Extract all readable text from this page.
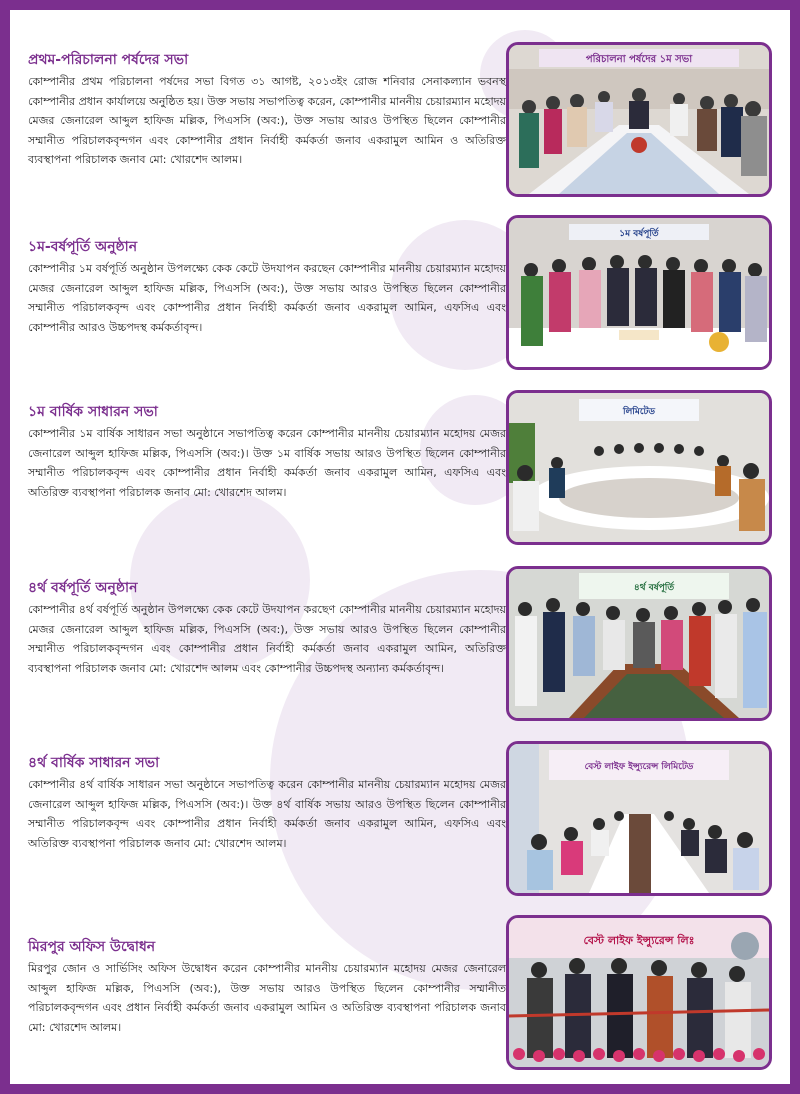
প্রথম-পরিচালনা পর্ষদের সভা

কোম্পানীর প্রথম পরিচালনা পর্ষদের সভা বিগত ৩১ আগষ্ট, ২০১৩ইং রোজ শনিবার সেনাকল্যান ভবনস্থ কোম্পানীর প্রধান কার্যালয়ে অনুষ্ঠিত হয়। উক্ত সভায় সভাপতিত্ব করেন, কোম্পানীর মাননীয় চেয়ারম্যান মহোদয় মেজর জেনারেল আব্দুল হাফিজ মল্লিক, পিএসসি (অব:), উক্ত সভায় আরও উপস্থিত ছিলেন কোম্পানীর সম্মানীত পরিচালকবৃন্দগন এবং কোম্পানীর প্রধান নির্বাহী কর্মকর্তা জনাব একরামুল আমিন ও অতিরিক্ত ব্যবস্থাপনা পরিচালক জনাব মো: খোরশেদ আলম।

পরিচালনা পর্ষদের ১ম সভা
১ম-বর্ষপূর্তি অনুষ্ঠান

কোম্পানীর ১ম বর্ষপূর্তি অনুষ্ঠান উপলক্ষ্যে কেক কেটে উদযাপন করছেন কোম্পানীর মাননীয় চেয়ারম্যান মহোদয় মেজর জেনারেল আব্দুল হাফিজ মল্লিক, পিএসসি (অব:), উক্ত সভায় আরও উপস্থিত ছিলেন কোম্পানীর সম্মানীত পরিচালকবৃন্দ এবং কোম্পানীর প্রধান নির্বাহী কর্মকর্তা জনাব একরামুল আমিন, এফসিএ এবং কোম্পানীর আরও উচ্চপদস্থ কর্মকর্তাবৃন্দ।

১ম বর্ষপূর্তি
১ম বার্ষিক সাধারন সভা

কোম্পানীর ১ম বার্ষিক সাধারন সভা অনুষ্ঠানে সভাপতিত্ব করেন কোম্পানীর মাননীয় চেয়ারম্যান মহোদয় মেজর জেনারেল আব্দুল হাফিজ মল্লিক, পিএসসি (অব:)। উক্ত ১ম বার্ষিক সভায় আরও উপস্থিত ছিলেন কোম্পানীর সম্মানীত পরিচালকবৃন্দ এবং কোম্পানীর প্রধান নির্বাহী কর্মকর্তা জনাব একরামুল আমিন, এফসিএ এবং অতিরিক্ত ব্যবস্থাপনা পরিচালক জনাব মো: খোরশেদ আলম।

লিমিটেড
৪র্থ বর্ষপূর্তি অনুষ্ঠান

কোম্পানীর ৪র্থ বর্ষপূর্তি অনুষ্ঠান উপলক্ষ্যে কেক কেটে উদযাপন করছেণ কোম্পানীর মাননীয় চেয়ারম্যান মহোদয় মেজর জেনারেল আব্দুল হাফিজ মল্লিক, পিএসসি (অব:), উক্ত সভায় আরও উপস্থিত ছিলেন কোম্পানীর সম্মানীত পরিচালকবৃন্দগন এবং কোম্পানীর প্রধান নির্বাহী কর্মকর্তা জনাব একরামুল আমিন, অতিরিক্ত ব্যবস্থাপনা পরিচালক জনাব মো: খোরশেদ আলম এবং কোম্পানীর উচ্চপদস্থ অন্যান্য কর্মকর্তাবৃন্দ।

৪র্থ বর্ষপূর্তি
৪র্থ বার্ষিক সাধারন সভা

কোম্পানীর ৪র্থ বার্ষিক সাধারন সভা অনুষ্ঠানে সভাপতিত্ব করেন কোম্পানীর মাননীয় চেয়ারম্যান মহোদয় মেজর জেনারেল আব্দুল হাফিজ মল্লিক, পিএসসি (অব:)। উক্ত ৪র্থ বার্ষিক সভায় আরও উপস্থিত ছিলেন কোম্পানীর সম্মানীত পরিচালকবৃন্দ এবং কোম্পানীর প্রধান নির্বাহী কর্মকর্তা জনাব একরামুল আমিন, এফসিএ এবং অতিরিক্ত ব্যবস্থাপনা পরিচালক জনাব মো: খোরশেদ আলম।

বেস্ট লাইফ ইন্স্যুরেন্স লিমিটেড
মিরপুর অফিস উদ্বোধন

মিরপুর জোন ও সার্ভিসিং অফিস উদ্বোধন করেন কোম্পানীর মাননীয় চেয়ারম্যান মহোদয় মেজর জেনারেল আব্দুল হাফিজ মল্লিক, পিএসসি (অব:), উক্ত সভায় আরও উপস্থিত ছিলেন কোম্পানীর সম্মানীত পরিচালকবৃন্দগন এবং প্রধান নির্বাহী কর্মকর্তা জনাব একরামুল আমিন ও অতিরিক্ত ব্যবস্থাপনা পরিচালক জনাব মো: খোরশেদ আলম।

বেস্ট লাইফ ইন্স্যুরেন্স লিঃ
